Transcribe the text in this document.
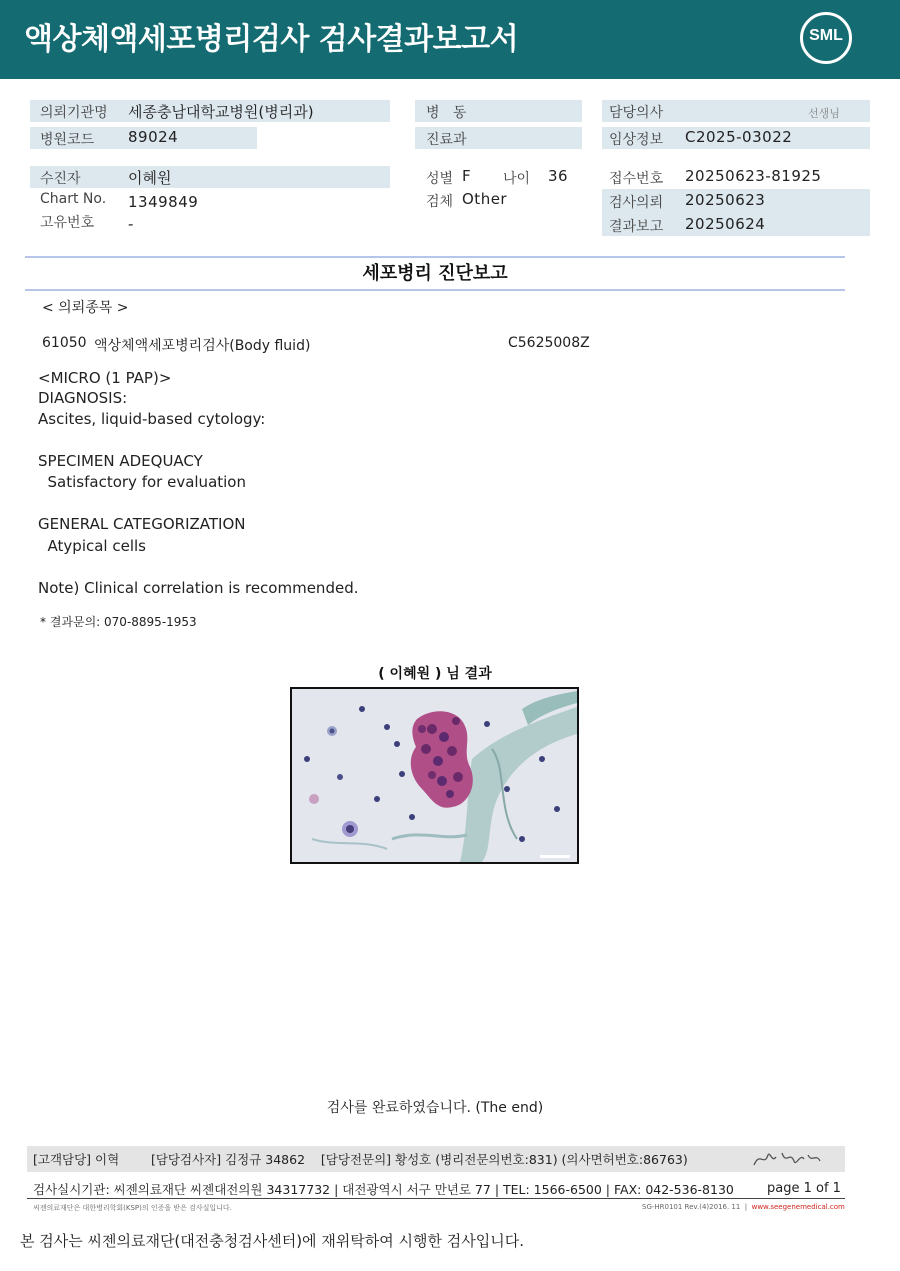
액상체액세포병리검사 검사결과보고서	SML
의뢰기관명 세종충남대학교병원(병리과)
병원코드 89024
병   동
진료과
담당의사	선생님
임상정보 C2025-03022
수진자	이혜원
Chart No. 1349849
고유번호 -
성별 F 나이 36
검체 Other
접수번호 20250623-81925
검사의뢰 20250623
결과보고 20250624
세포병리 진단보고
< 의뢰종목 >
61050 액상체액세포병리검사(Body fluid)	C5625008Z
<MICRO (1 PAP)>
DIAGNOSIS:
Ascites, liquid-based cytology:
SPECIMEN ADEQUACY
Satisfactory for evaluation
GENERAL CATEGORIZATION
Atypical cells
Note) Clinical correlation is recommended.
* 결과문의: 070-8895-1953
( 이혜원 ) 님 결과
검사를 완료하였습니다. (The end)
[고객담당] 이혁        [담당검사자] 김정규 34862    [담당전문의] 황성호 (병리전문의번호:831) (의사면허번호:86763)
검사실시기관: 씨젠의료재단 씨젠대전의원 34317732 | 대전광역시 서구 만년로 77 | TEL: 1566-6500 | FAX: 042-536-8130	page 1 of 1
씨젠의료재단은 대한병리학회(KSP)의 인증을 받은 검사실입니다.	SG-HR0101 Rev.(4)2016. 11  |  www.seegenemedical.com
본 검사는 씨젠의료재단(대전충청검사센터)에 재위탁하여 시행한 검사입니다.
